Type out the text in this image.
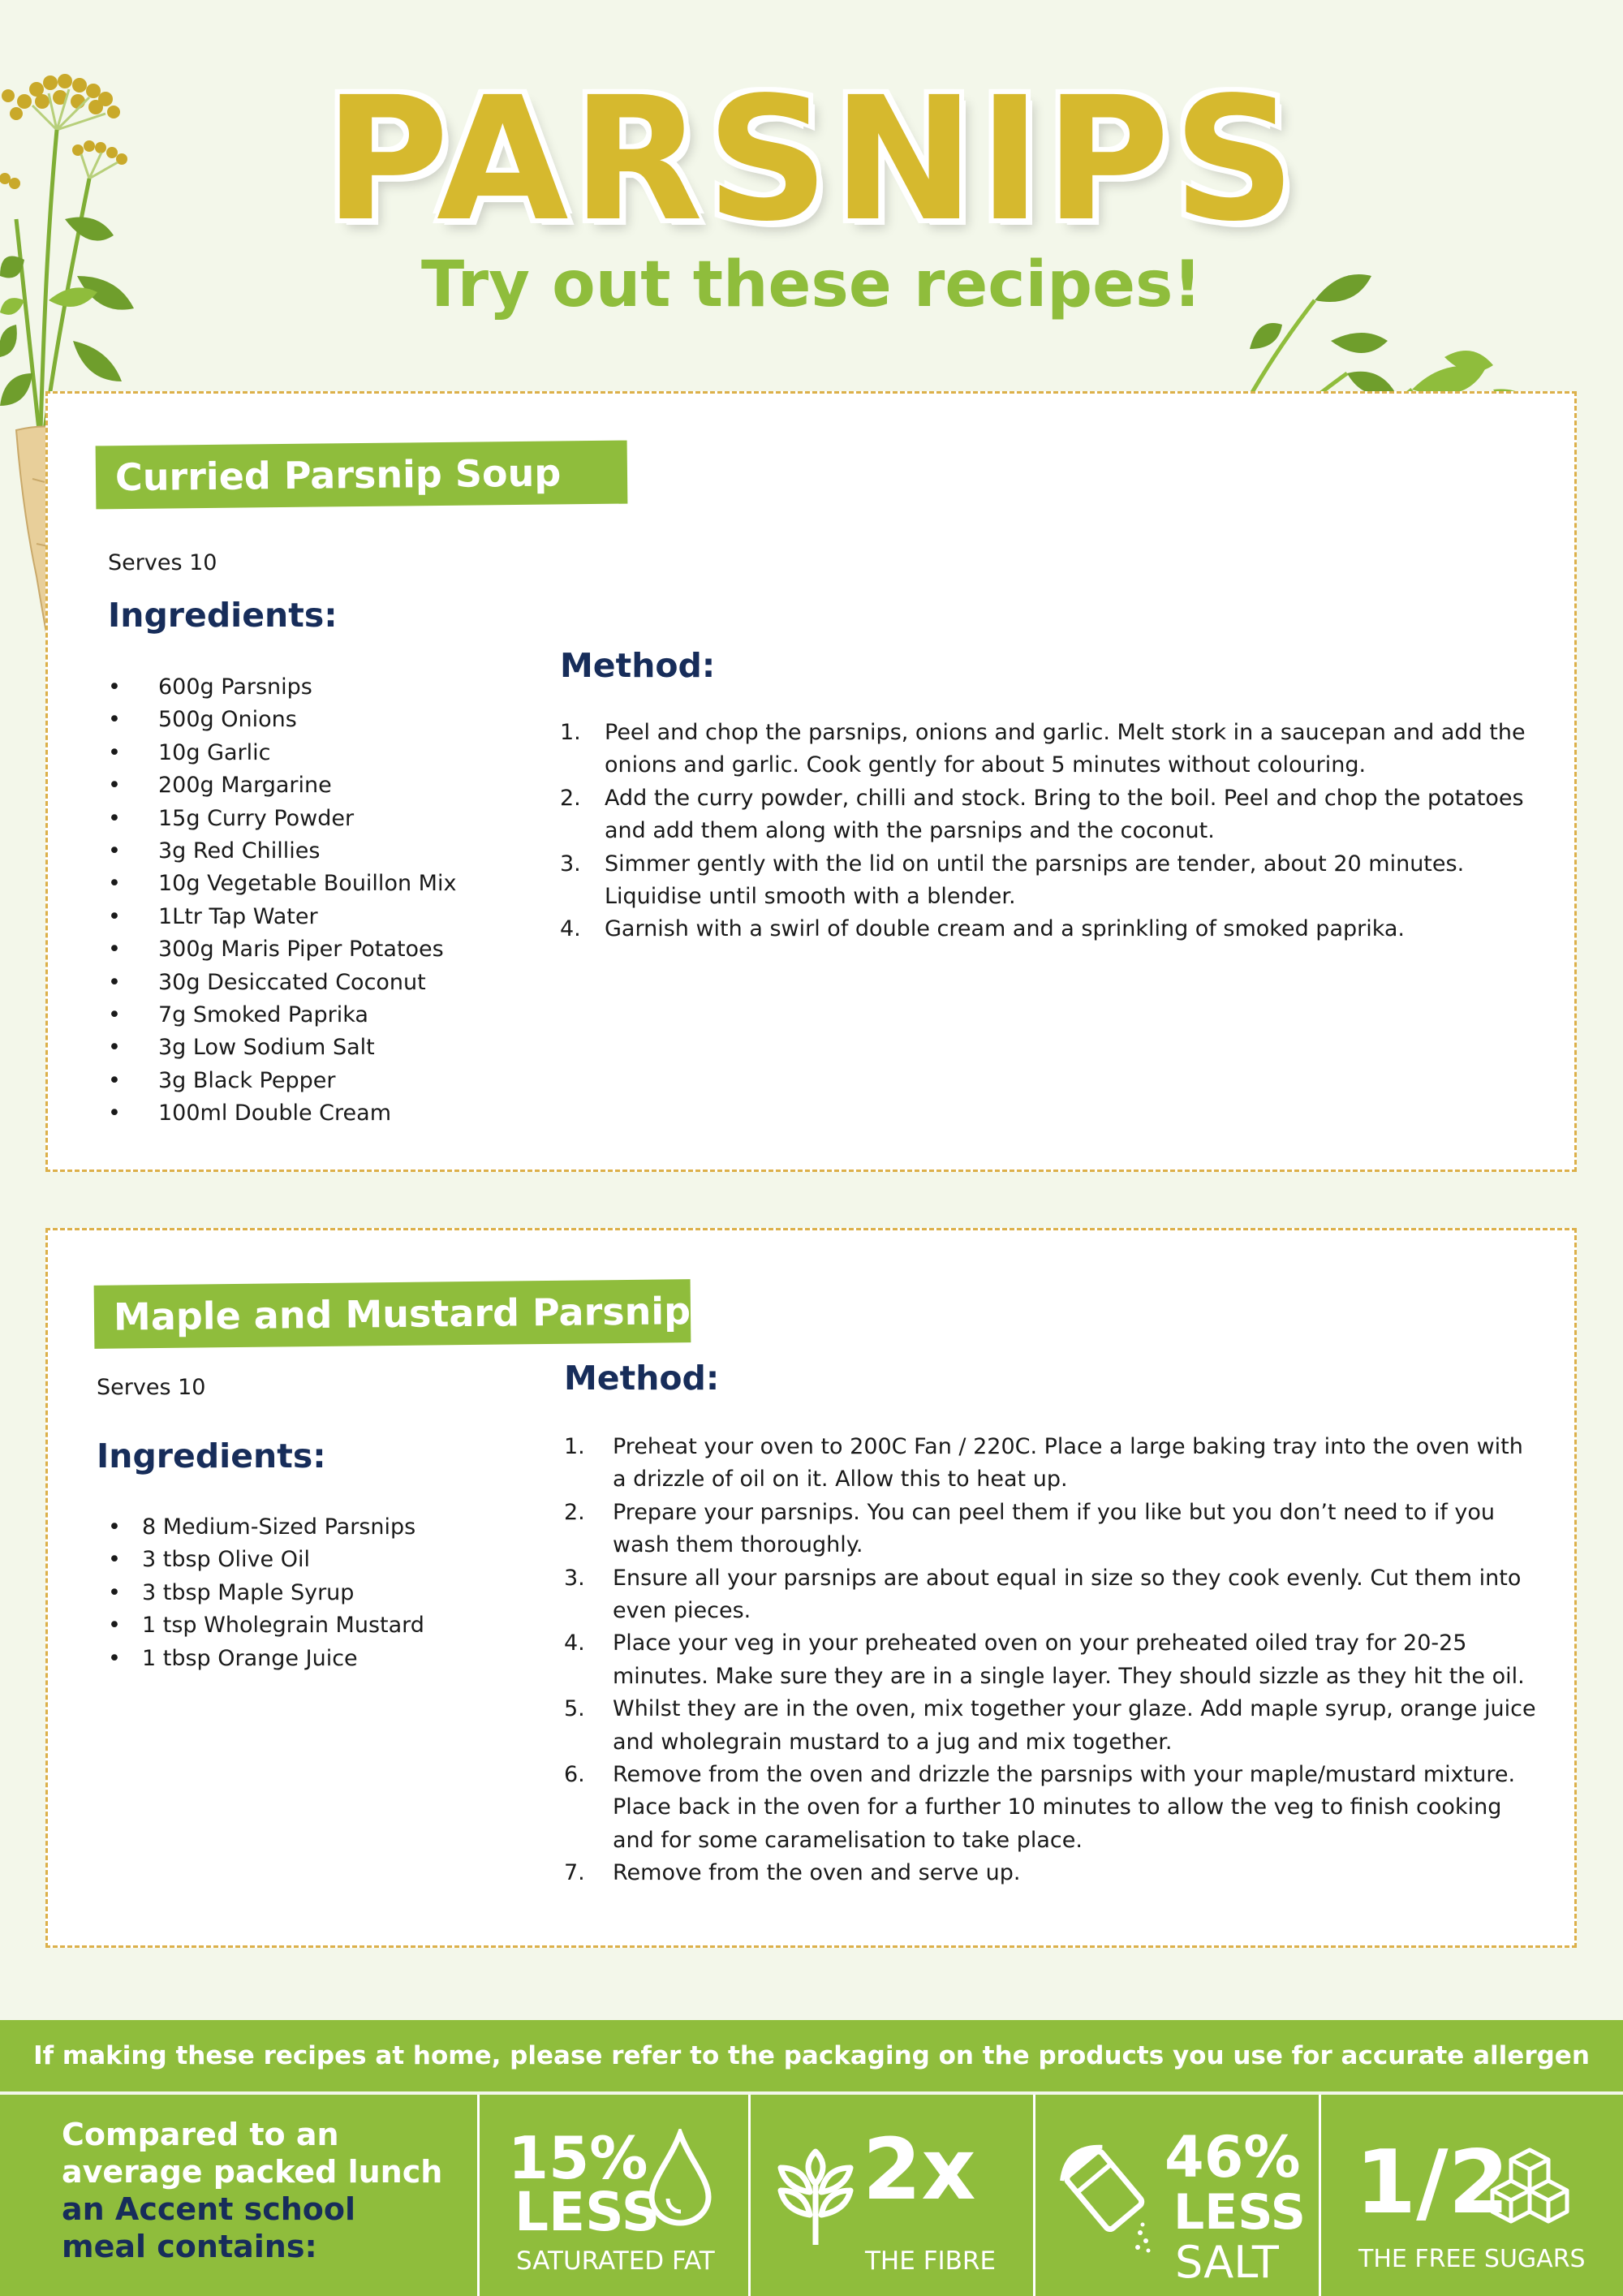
PARSNIPS
Try out these recipes!
Curried Parsnip Soup
Serves 10
Ingredients:
• 600g Parsnips
• 500g Onions
• 10g Garlic
• 200g Margarine
• 15g Curry Powder
• 3g Red Chillies
• 10g Vegetable Bouillon Mix
• 1Ltr Tap Water
• 300g Maris Piper Potatoes
• 30g Desiccated Coconut
• 7g Smoked Paprika
• 3g Low Sodium Salt
• 3g Black Pepper
• 100ml Double Cream
Method:
1. Peel and chop the parsnips, onions and garlic. Melt stork in a saucepan and add the onions and garlic. Cook gently for about 5 minutes without colouring.
2. Add the curry powder, chilli and stock. Bring to the boil. Peel and chop the potatoes and add them along with the parsnips and the coconut.
3. Simmer gently with the lid on until the parsnips are tender, about 20 minutes. Liquidise until smooth with a blender.
4. Garnish with a swirl of double cream and a sprinkling of smoked paprika.
Maple and Mustard Parsnips
Serves 10
Ingredients:
• 8 Medium-Sized Parsnips
• 3 tbsp Olive Oil
• 3 tbsp Maple Syrup
• 1 tsp Wholegrain Mustard
• 1 tbsp Orange Juice
Method:
1. Preheat your oven to 200C Fan / 220C. Place a large baking tray into the oven with a drizzle of oil on it. Allow this to heat up.
2. Prepare your parsnips. You can peel them if you like but you don’t need to if you wash them thoroughly.
3. Ensure all your parsnips are about equal in size so they cook evenly. Cut them into even pieces.
4. Place your veg in your preheated oven on your preheated oiled tray for 20-25 minutes. Make sure they are in a single layer. They should sizzle as they hit the oil.
5. Whilst they are in the oven, mix together your glaze. Add maple syrup, orange juice and wholegrain mustard to a jug and mix together.
6. Remove from the oven and drizzle the parsnips with your maple/mustard mixture. Place back in the oven for a further 10 minutes to allow the veg to finish cooking and for some caramelisation to take place.
7. Remove from the oven and serve up.
If making these recipes at home, please refer to the packaging on the products you use for accurate allergen
Compared to an
average packed lunch
an Accent school
meal contains:
15%
LESS
SATURATED FAT
2x
THE FIBRE
46%
LESS
SALT
1/2
THE FREE SUGARS
